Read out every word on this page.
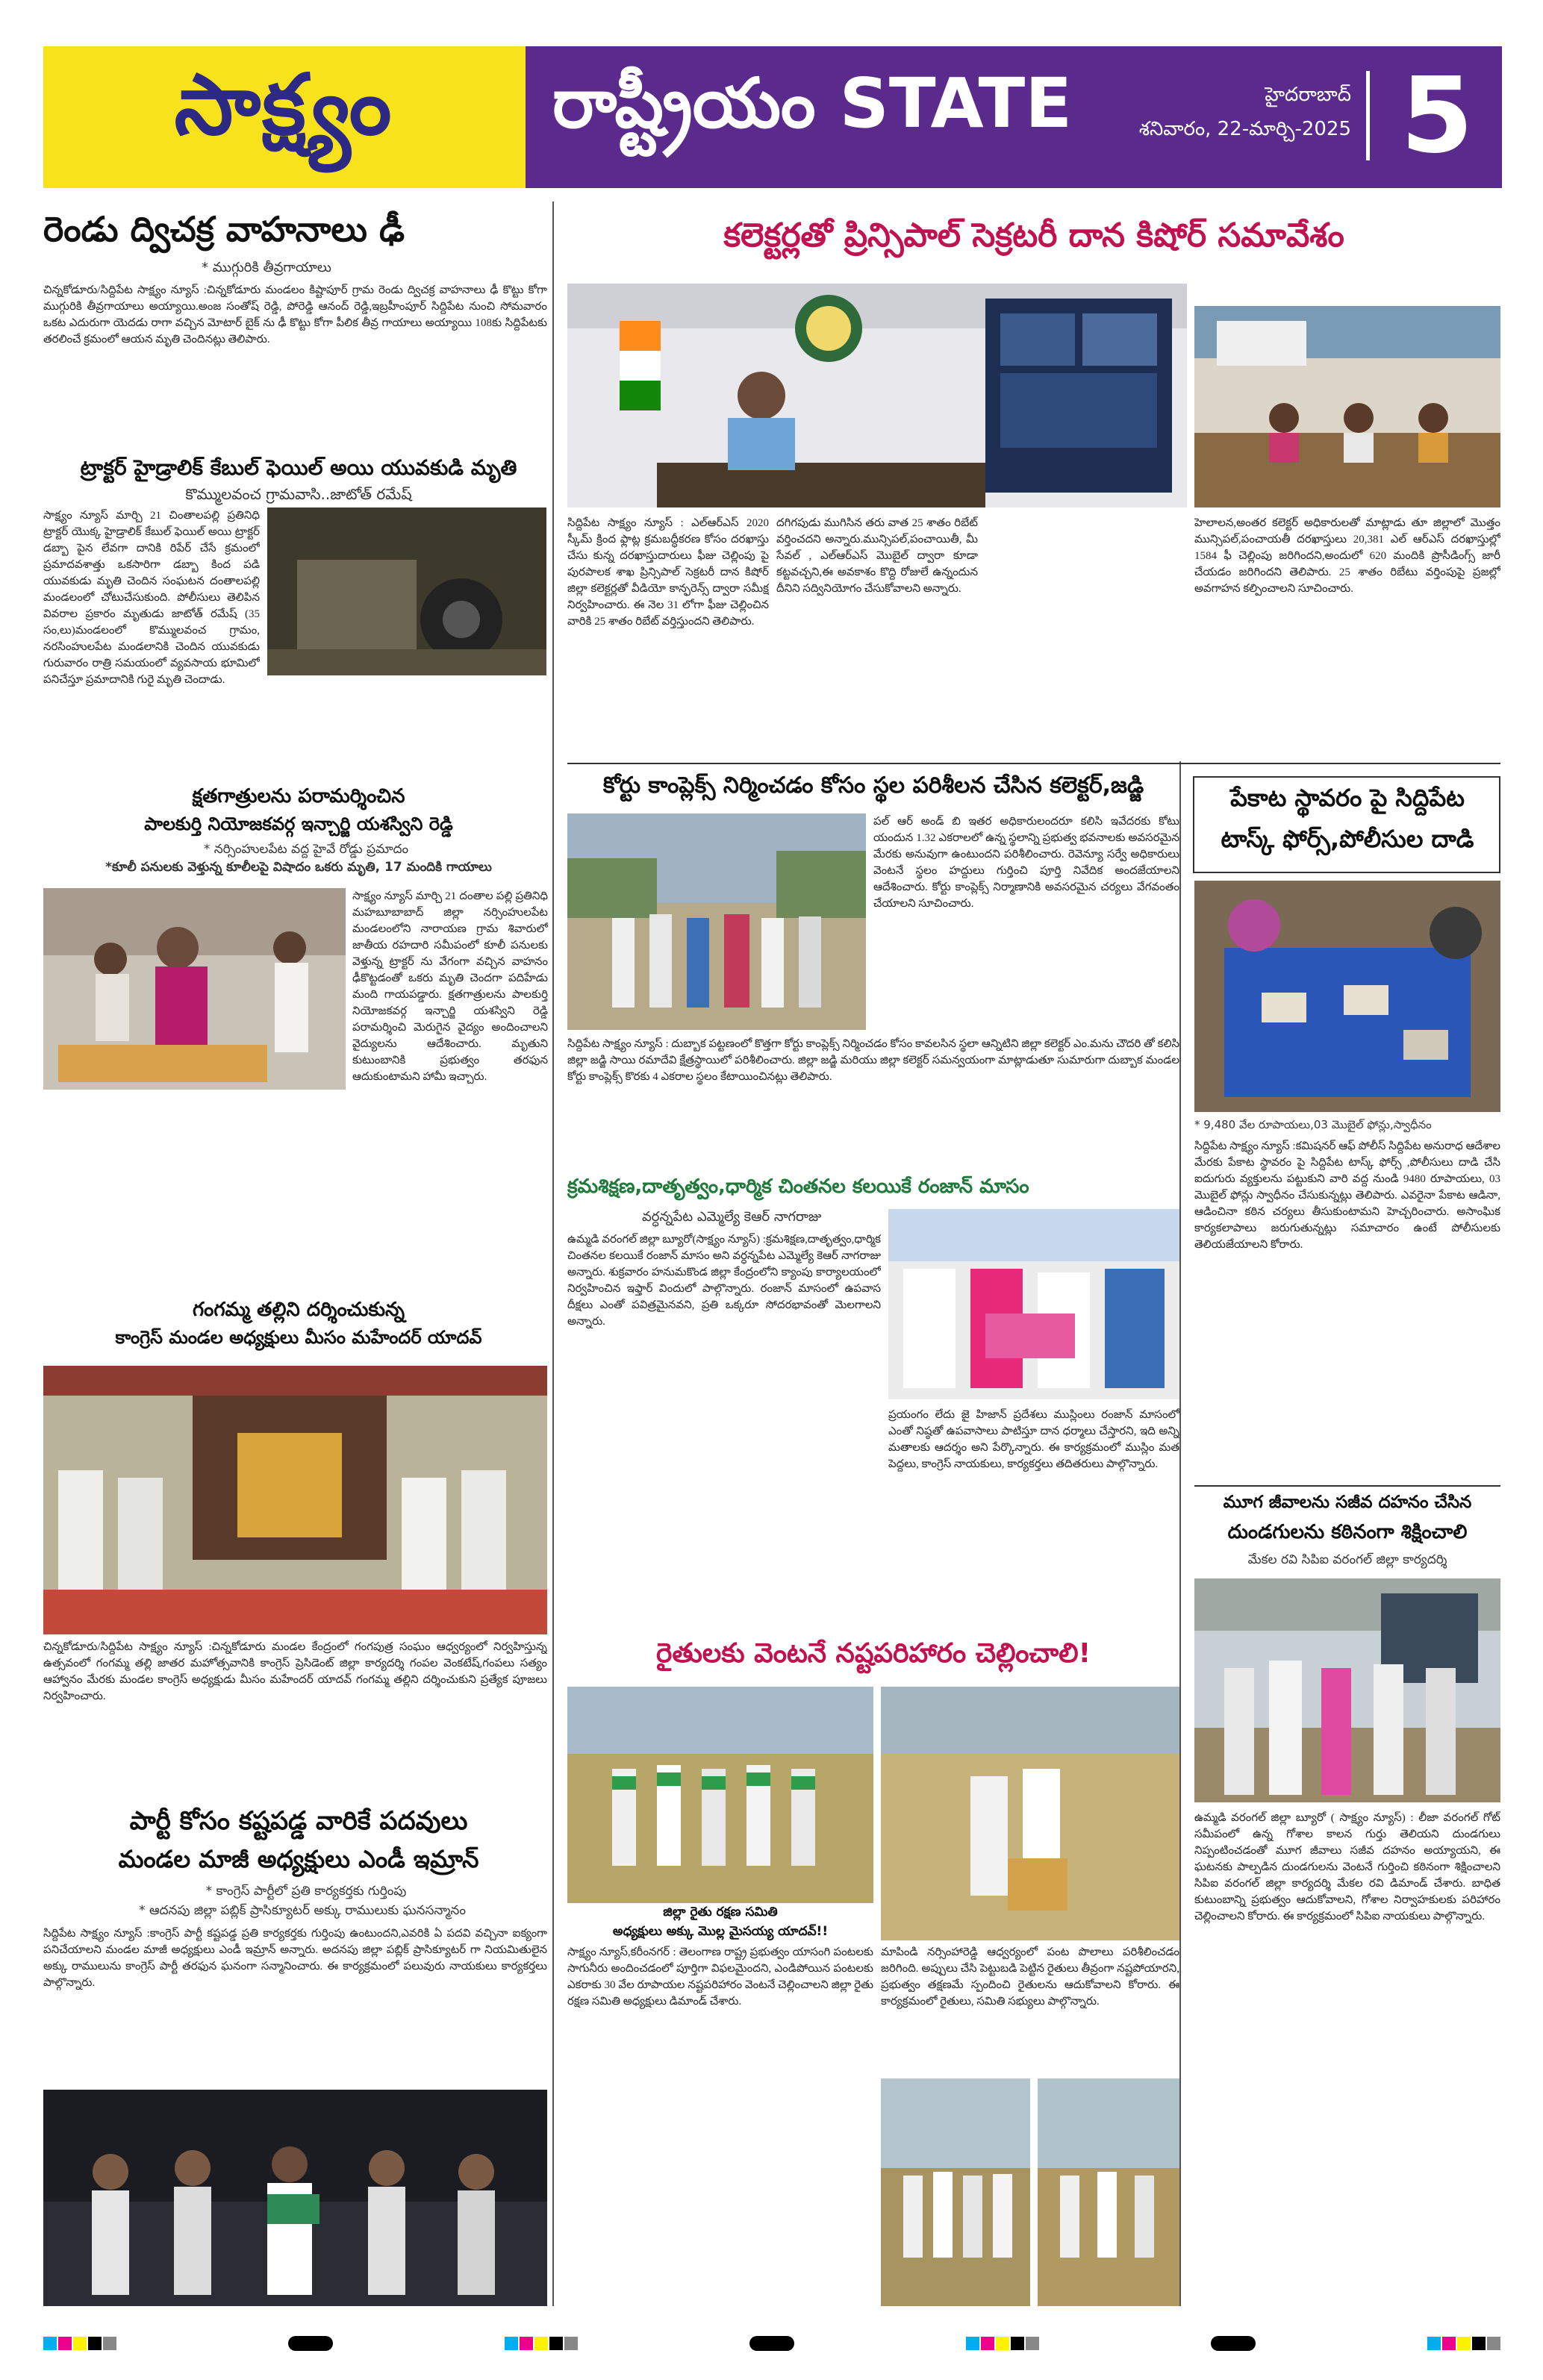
సాక్ష్యం	రాష్ట్రీయం STATE	హైదరాబాద్
శనివారం, 22-మార్చి-2025 5
రెండు ద్విచక్ర వాహనాలు ఢీ
* ముగ్గురికి తీవ్రగాయాలు
చిన్నకోడూరు/సిద్దిపేట సాక్ష్యం న్యూస్ :చిన్నకోడూరు మండలం కిష్టాపూర్ గ్రామ రెండు ద్విచక్ర వాహనాలు ఢీ కొట్టు కోగా ముగ్గురికి తీవ్రగాయాలు అయ్యాయి.అంజ సంతోష్ రెడ్డి, పోరెడ్డి ఆనంద్ రెడ్డి,ఇబ్రహీంపూర్ సిద్దిపేట నుంచి సోమవారం ఒకట ఎదురుగా యెదడు రాగా వచ్చిన మోటార్ బైక్ ను ఢీ కొట్టు కోగా పీలిక తీవ్ర గాయాలు అయ్యాయి 108కు సిద్దిపేటకు తరలించే క్రమంలో ఆయన మృతి చెందినట్లు తెలిపారు.
ట్రాక్టర్ హైడ్రాలిక్ కేబుల్ ఫెయిల్ అయి యువకుడి మృతి
కొమ్ములవంచ గ్రామవాసి..జాటోత్ రమేష్
సాక్ష్యం న్యూస్ మార్చి 21 చింతాలపల్లి ప్రతినిధి ట్రాక్టర్ యొక్క హైడ్రాలిక్ కేబుల్ ఫెయిల్ అయి ట్రాక్టర్ డబ్బా పైన లేవగా దానికి రిపేర్ చేసే క్రమంలో ప్రమాదవశాత్తు ఒకసారిగా డబ్బా కింద పడి యువకుడు మృతి చెందిన సంఘటన దంతాలపల్లి మండలంలో చోటుచేసుకుంది. పోలీసులు తెలిపిన వివరాల ప్రకారం మృతుడు జాటోత్ రమేష్ (35 సం,లు)మండలంలో కొమ్ములవంచ గ్రామం, నరసింహులపేట మండలానికి చెందిన యువకుడు గురువారం రాత్రి సమయంలో వ్యవసాయ భూమిలో పనిచేస్తూ ప్రమాదానికి గురై మృతి చెందాడు.
క్షతగాత్రులను పరామర్శించిన
పాలకుర్తి నియోజకవర్గ ఇన్చార్జి యశస్విని రెడ్డి
* నర్సింహులపేట వద్ద హైవే రోడ్డు ప్రమాదం
*కూలీ పనులకు వెళ్తున్న కూలీలపై విషాదం ఒకరు మృతి, 17 మందికి గాయాలు
సాక్ష్యం న్యూస్ మార్చి 21 దంతాల పల్లి ప్రతినిధి మహబూబాబాద్ జిల్లా నర్సింహులపేట మండలంలోని నారాయణ గ్రామ శివారులో జాతీయ రహదారి సమీపంలో కూలీ పనులకు వెళ్తున్న ట్రాక్టర్ ను వేగంగా వచ్చిన వాహనం ఢీకొట్టడంతో ఒకరు మృతి చెందగా పదిహేడు మంది గాయపడ్డారు. క్షతగాత్రులను పాలకుర్తి నియోజకవర్గ ఇన్చార్జి యశస్విని రెడ్డి పరామర్శించి మెరుగైన వైద్యం అందించాలని వైద్యులను ఆదేశించారు. మృతుని కుటుంబానికి ప్రభుత్వం తరఫున ఆదుకుంటామని హామీ ఇచ్చారు.
గంగమ్మ తల్లిని దర్శించుకున్న
కాంగ్రెస్ మండల అధ్యక్షులు మీసం మహేందర్ యాదవ్
చిన్నకోడూరు/సిద్దిపేట సాక్ష్యం న్యూస్ :చిన్నకోడూరు మండల కేంద్రంలో గంగపుత్ర సంఘం ఆధ్వర్యంలో నిర్వహిస్తున్న ఉత్సవంలో గంగమ్మ తల్లి జాతర మహోత్సవానికి కాంగ్రెస్ ప్రెసిడెంట్ జిల్లా కార్యదర్శి గంపల వెంకటేష్,గంపలు సత్యం ఆహ్వానం మేరకు మండల కాంగ్రెస్ అధ్యక్షుడు మీసం మహేందర్ యాదవ్ గంగమ్మ తల్లిని దర్శించుకుని ప్రత్యేక పూజలు నిర్వహించారు.
పార్టీ కోసం కష్టపడ్డ వారికే పదవులు
మండల మాజీ అధ్యక్షులు ఎండీ ఇమ్రాన్
* కాంగ్రెస్ పార్టీలో ప్రతి కార్యకర్తకు గుర్తింపు
* ఆదనపు జిల్లా పబ్లిక్ ప్రాసిక్యూటర్ అక్కు రాములుకు ఘనసన్మానం
సిద్దిపేట సాక్ష్యం న్యూస్ :కాంగ్రెస్ పార్టీ కష్టపడ్డ ప్రతి కార్యకర్తకు గుర్తింపు ఉంటుందని,ఎవరికి ఏ పదవి వచ్చినా ఐక్యంగా పనిచేయాలని మండల మాజీ అధ్యక్షులు ఎండీ ఇమ్రాన్ అన్నారు. అదనపు జిల్లా పబ్లిక్ ప్రాసిక్యూటర్ గా నియమితులైన అక్కు రాములును కాంగ్రెస్ పార్టీ తరఫున ఘనంగా సన్మానించారు. ఈ కార్యక్రమంలో పలువురు నాయకులు కార్యకర్తలు పాల్గొన్నారు.
కలెక్టర్లతో ప్రిన్సిపాల్ సెక్రటరీ దాన కిషోర్ సమావేశం
సిద్దిపేట సాక్ష్యం న్యూస్ : ఎల్ఆర్ఎస్ 2020 స్కీమ్ క్రింద ఫ్లాట్ల క్రమబద్ధీకరణ కోసం దరఖాస్తు చేసు కున్న దరఖాస్తుదారులు ఫీజు చెల్లింపు పై పురపాలక శాఖ ప్రిన్సిపాల్ సెక్రటరీ దాన కిషోర్ జిల్లా కలెక్టర్లతో వీడియో కాన్ఫరెన్స్ ద్వారా సమీక్ష నిర్వహించారు. ఈ నెల 31 లోగా ఫీజు చెల్లించిన వారికి 25 శాతం రిబేట్ వర్తిస్తుందని తెలిపారు.
దగిగపుడు ముగిసిన తరు వాత 25 శాతం రిబేట్ వర్తించదని అన్నారు.మున్సిపల్,పంచాయితీ, మీ సేవల్ , ఎల్ఆర్ఎస్ మొబైల్ ద్వారా కూడా కట్టవచ్చని,ఈ అవకాశం కొద్ది రోజులే ఉన్నందున దీనిని సద్వినియోగం చేసుకోవాలని అన్నారు.
హెలాలన,అంతర కలెక్టర్ అధికారులతో మాట్లాడు తూ జిల్లాలో మొత్తం మున్సిపల్,పంచాయతీ దరఖాస్తులు 20,381 ఎల్ ఆర్ఎస్ దరఖాస్తుల్లో 1584 ఫీ చెల్లింపు జరిగిందని,అందులో 620 మందికి ప్రొసీడింగ్స్ జారీ చేయడం జరిగిందని తెలిపారు. 25 శాతం రిబేటు వర్తింపుపై ప్రజల్లో అవగాహన కల్పించాలని సూచించారు.
కోర్టు కాంప్లెక్స్ నిర్మించడం కోసం స్థల పరిశీలన చేసిన కలెక్టర్,జడ్జి
పల్ ఆర్ అండ్ బి ఇతర అధికారులందరూ కలిసి ఇవేదరకు కోటు యందున 1.32 ఎకరాలలో ఉన్న స్థలాన్ని ప్రభుత్వ భవనాలకు అవసరమైన మేరకు అనువుగా ఉంటుందని పరిశీలించారు. రెవెన్యూ సర్వే అధికారులు వెంటనే స్థలం హద్దులు గుర్తించి పూర్తి నివేదిక అందజేయాలని ఆదేశించారు. కోర్టు కాంప్లెక్స్ నిర్మాణానికి అవసరమైన చర్యలు వేగవంతం చేయాలని సూచించారు.
సిద్దిపేట సాక్ష్యం న్యూస్ : దుబ్బాక పట్టణంలో కొత్తగా కోర్టు కాంప్లెక్స్ నిర్మించడం కోసం కావలసిన స్థలా ఆన్నిటిని జిల్లా కలెక్టర్ ఎం.మను చౌదరి తో కలిసి జిల్లా జడ్జి సాయి రమాదేవి క్షేత్రస్థాయిలో పరిశీలించారు. జిల్లా జడ్జి మరియు జిల్లా కలెక్టర్ సమన్వయంగా మాట్లాడుతూ సుమారుగా దుబ్బాక మండల కోర్టు కాంప్లెక్స్ కొరకు 4 ఎకరాల స్థలం కేటాయించినట్లు తెలిపారు.
క్రమశిక్షణ,దాతృత్వం,ధార్మిక చింతనల కలయికే రంజాన్ మాసం
వర్ధన్నపేట ఎమ్మెల్యే కెఆర్ నాగరాజు
ఉమ్మడి వరంగల్ జిల్లా బ్యూరో(సాక్ష్యం న్యూస్) :క్రమశిక్షణ,దాతృత్వం,ధార్మిక చింతనల కలయికే రంజాన్ మాసం అని వర్ధన్నపేట ఎమ్మెల్యే కెఆర్ నాగరాజు అన్నారు. శుక్రవారం హనుమకొండ జిల్లా కేంద్రంలోని క్యాంపు కార్యాలయంలో నిర్వహించిన ఇఫ్తార్ విందులో పాల్గొన్నారు. రంజాన్ మాసంలో ఉపవాస దీక్షలు ఎంతో పవిత్రమైనవని, ప్రతి ఒక్కరూ సోదరభావంతో మెలగాలని అన్నారు.
ప్రయంగం లేదు జై హిజాన్ ప్రదేశలు ముస్లింలు రంజాన్ మాసంలో ఎంతో నిష్ఠతో ఉపవాసాలు పాటిస్తూ దాన ధర్మాలు చేస్తారని, ఇది అన్ని మతాలకు ఆదర్శం అని పేర్కొన్నారు. ఈ కార్యక్రమంలో ముస్లిం మత పెద్దలు, కాంగ్రెస్ నాయకులు, కార్యకర్తలు తదితరులు పాల్గొన్నారు.
రైతులకు వెంటనే నష్టపరిహారం చెల్లించాలి!
జిల్లా రైతు రక్షణ సమితి
అధ్యక్షులు అక్కు మొల్ల మైసయ్య యాదవ్!!
సాక్ష్యం న్యూస్,కరీంనగర్ : తెలంగాణ రాష్ట్ర ప్రభుత్వం యాసంగి పంటలకు సాగునీరు అందించడంలో పూర్తిగా విఫలమైందని, ఎండిపోయిన పంటలకు ఎకరాకు 30 వేల రూపాయల నష్టపరిహారం వెంటనే చెల్లించాలని జిల్లా రైతు రక్షణ సమితి అధ్యక్షులు డిమాండ్ చేశారు.
మాపిండి నర్సింహారెడ్డి ఆధ్వర్యంలో పంట పొలాలు పరిశీలించడం జరిగింది. అప్పులు చేసి పెట్టుబడి పెట్టిన రైతులు తీవ్రంగా నష్టపోయారని, ప్రభుత్వం తక్షణమే స్పందించి రైతులను ఆదుకోవాలని కోరారు. ఈ కార్యక్రమంలో రైతులు, సమితి సభ్యులు పాల్గొన్నారు.
పేకాట స్థావరం పై సిద్దిపేట
టాస్క్ ఫోర్స్,పోలీసుల దాడి
* 9,480 వేల రూపాయలు,03 మొబైల్ ఫోన్లు,స్వాధీనం
సిద్దిపేట సాక్ష్యం న్యూస్ :కమిషనర్ ఆఫ్ పోలీస్ సిద్దిపేట అనురాధ ఆదేశాల మేరకు పేకాట స్థావరం పై సిద్దిపేట టాస్క్ ఫోర్స్ ,పోలీసులు దాడి చేసి ఐదుగురు వ్యక్తులను పట్టుకుని వారి వద్ద నుండి 9480 రూపాయలు, 03 మొబైల్ ఫోన్లు స్వాధీనం చేసుకున్నట్లు తెలిపారు. ఎవరైనా పేకాట ఆడినా, ఆడించినా కఠిన చర్యలు తీసుకుంటామని హెచ్చరించారు. అసాంఘిక కార్యకలాపాలు జరుగుతున్నట్లు సమాచారం ఉంటే పోలీసులకు తెలియజేయాలని కోరారు.
మూగ జీవాలను సజీవ దహనం చేసిన
దుండగులను కఠినంగా శిక్షించాలి
మేకల రవి సిపిఐ వరంగల్ జిల్లా కార్యదర్శి
ఉమ్మడి వరంగల్ జిల్లా బ్యూరో ( సాక్ష్యం న్యూస్) : లీజా వరంగల్ గోట్ సమీపంలో ఉన్న గోశాల కాలన గుర్తు తెలియని దుండగులు నిప్పంటించడంతో మూగ జీవాలు సజీవ దహనం అయ్యాయని, ఈ ఘటనకు పాల్పడిన దుండగులను వెంటనే గుర్తించి కఠినంగా శిక్షించాలని సిపిఐ వరంగల్ జిల్లా కార్యదర్శి మేకల రవి డిమాండ్ చేశారు. బాధిత కుటుంబాన్ని ప్రభుత్వం ఆదుకోవాలని, గోశాల నిర్వాహకులకు పరిహారం చెల్లించాలని కోరారు. ఈ కార్యక్రమంలో సిపిఐ నాయకులు పాల్గొన్నారు.
